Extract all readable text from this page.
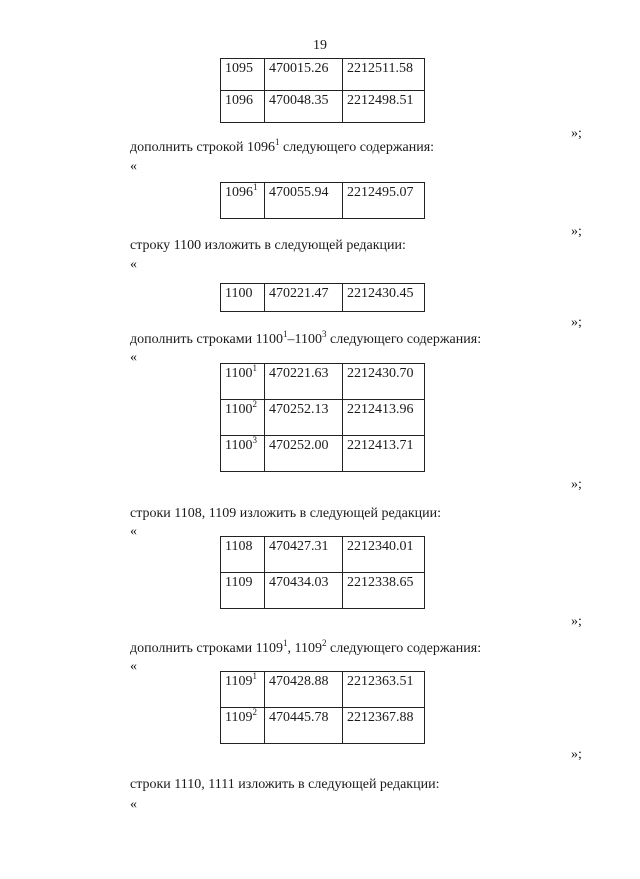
19
1095	470015.26	2212511.58
1096	470048.35	2212498.51
»;
дополнить строкой 1096$^1$ следующего содержания:
«
1096$^1$	470055.94	2212495.07
»;
строку 1100 изложить в следующей редакции:
«
1100	470221.47	2212430.45
»;
дополнить строками 1100$^1$–1100$^3$ следующего содержания:
«
1100$^1$	470221.63	2212430.70
1100$^2$	470252.13	2212413.96
1100$^3$	470252.00	2212413.71
»;
строки 1108, 1109 изложить в следующей редакции:
«
1108	470427.31	2212340.01
1109	470434.03	2212338.65
»;
дополнить строками 1109$^1$, 1109$^2$ следующего содержания:
«
1109$^1$	470428.88	2212363.51
1109$^2$	470445.78	2212367.88
»;
строки 1110, 1111 изложить в следующей редакции:
«
